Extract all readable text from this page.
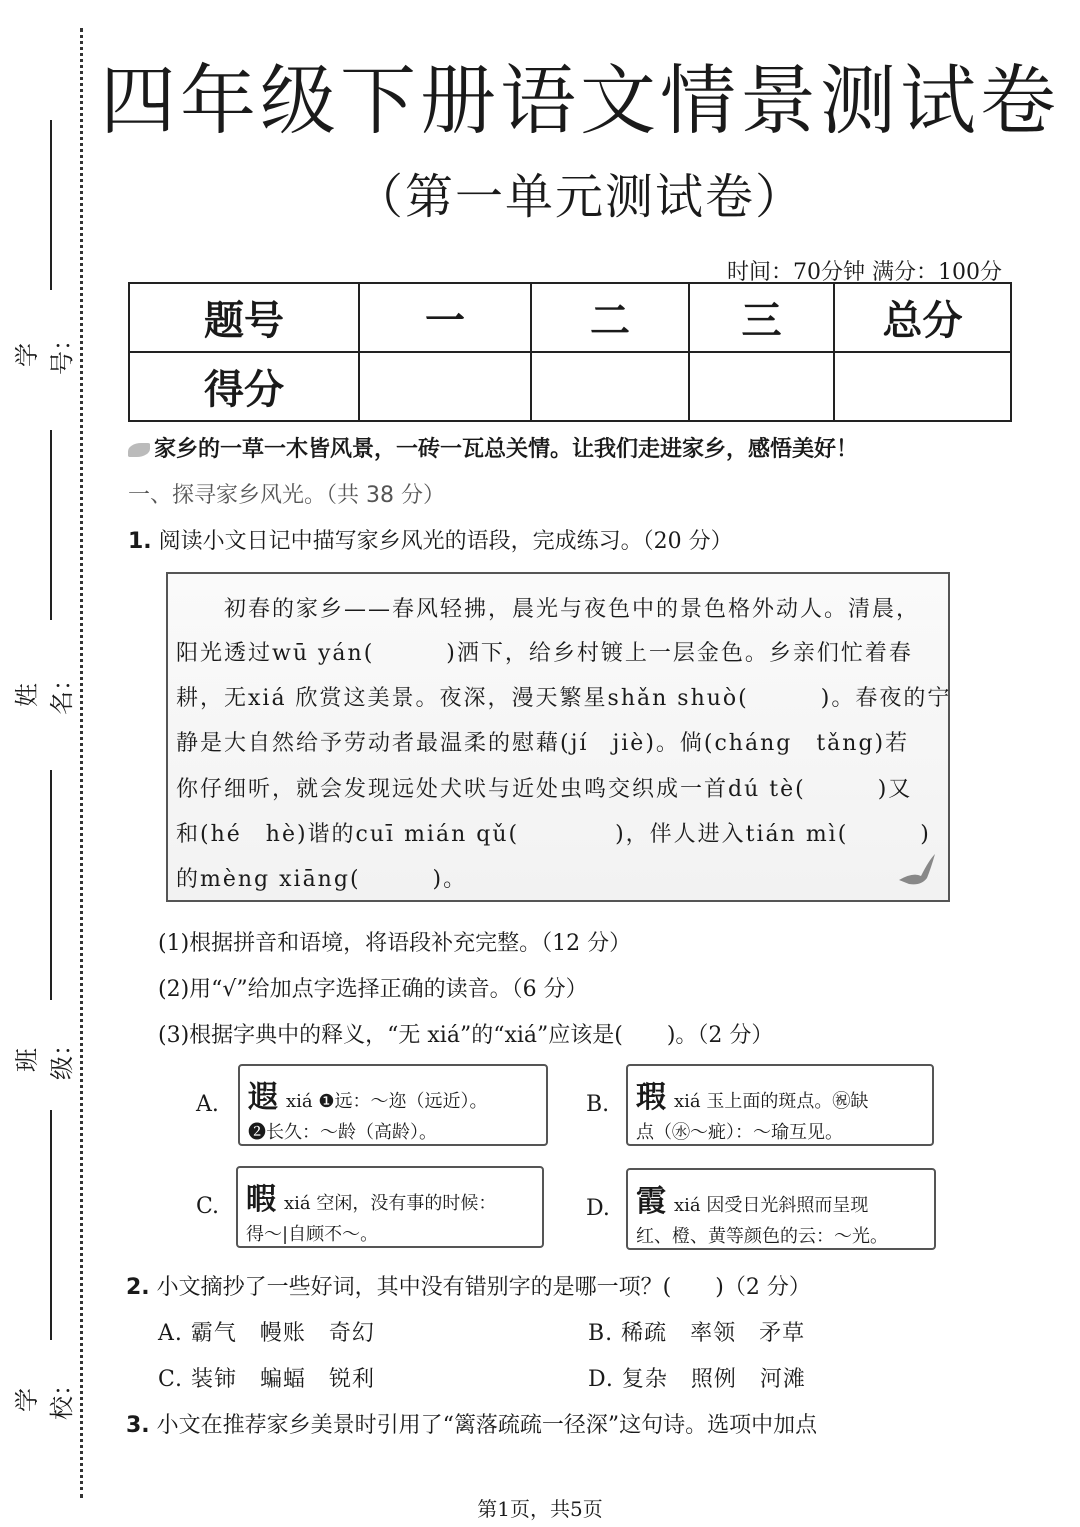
学号：
姓名：
班级：
学校：
四年级下册语文情景测试卷
（第一单元测试卷）
时间：70分钟 满分：100分
题号	一	二	三	总分
得分				
家乡的一草一木皆风景，一砖一瓦总关情。让我们走进家乡，感悟美好！
一、探寻家乡风光。（共 38 分）
1. 阅读小文日记中描写家乡风光的语段，完成练习。（20 分）
　　初春的家乡——春风轻拂，晨光与夜色中的景色格外动人。清晨，
阳光透过wū yán(　　　)洒下，给乡村镀上一层金色。乡亲们忙着春
耕，无xiá 欣赏这美景。夜深，漫天繁星shǎn shuò(　　　)。春夜的宁
静是大自然给予劳动者最温柔的慰藉(jí　jiè)。倘(cháng　tǎng)若
你仔细听，就会发现远处犬吠与近处虫鸣交织成一首dú tè(　　　)又
和(hé　hè)谐的cuī mián qǔ(　　　　)，伴人进入tián mì(　　　)
的mèng xiāng(　　　)。
(1)根据拼音和语境，将语段补充完整。（12 分）
(2)用“√”给加点字选择正确的读音。（6 分）
(3)根据字典中的释义，“无 xiá”的“xiá”应该是(　　)。（2 分）
A. 遐xiá ❶远：～迩（远近）。
❷长久：～龄（高龄）。
B. 瑕xiá 玉上面的斑点。㊗缺
点（㊌～疵）：～瑜互见。
C. 暇xiá 空闲，没有事的时候：
得～|自顾不～。
D. 霞xiá 因受日光斜照而呈现
红、橙、黄等颜色的云：～光。
2. 小文摘抄了一些好词，其中没有错别字的是哪一项？(　　)（2 分）
A. 霸气　幔账　奇幻	B. 稀疏　率领　矛草
C. 装铈　蝙蝠　锐利	D. 复杂　照例　河滩
3. 小文在推荐家乡美景时引用了“篱落疏疏一径深”这句诗。选项中加点
第1页，共5页
